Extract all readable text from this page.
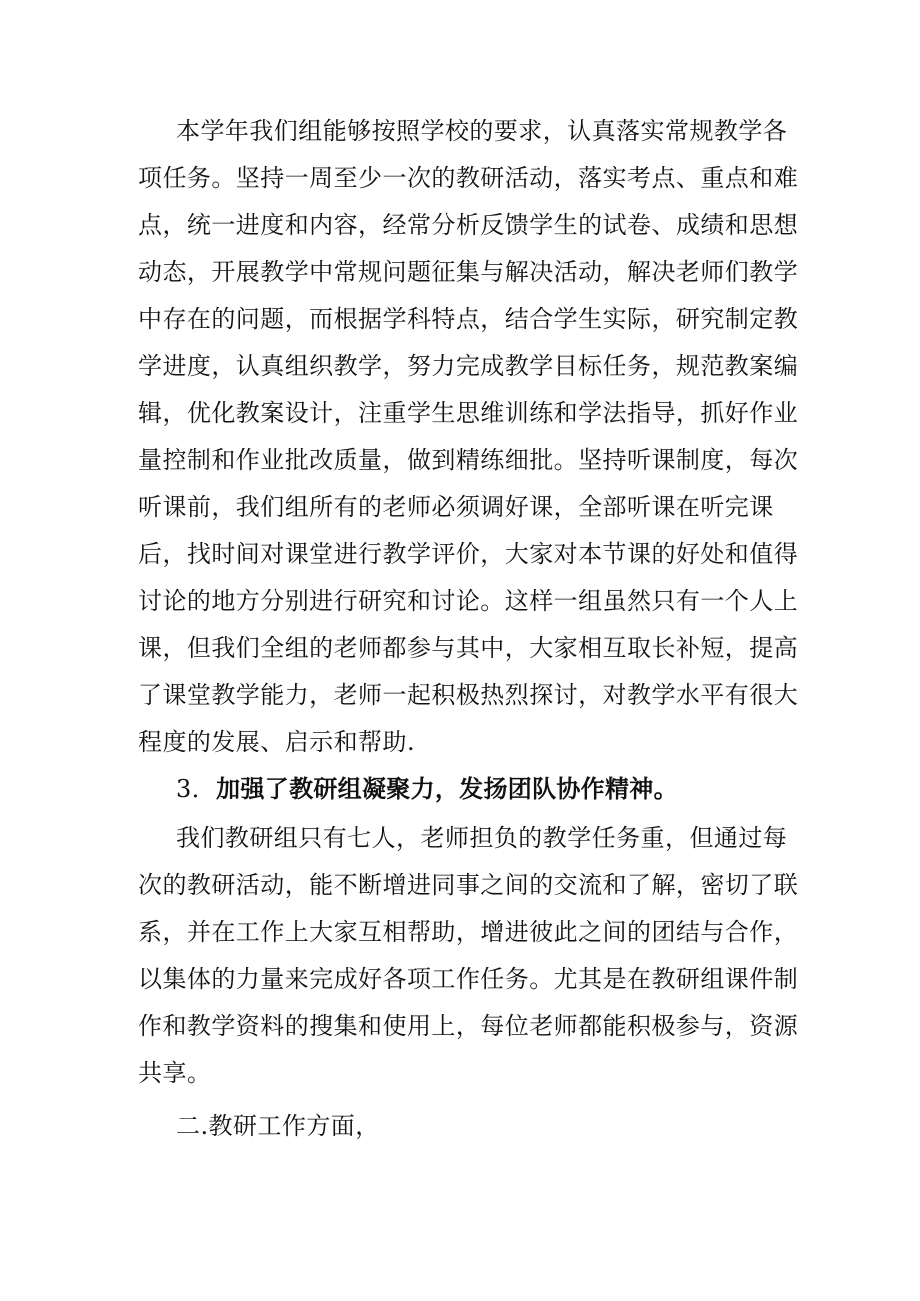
本学年我们组能够按照学校的要求，认真落实常规教学各
项任务。坚持一周至少一次的教研活动，落实考点、重点和难
点，统一进度和内容，经常分析反馈学生的试卷、成绩和思想
动态，开展教学中常规问题征集与解决活动，解决老师们教学
中存在的问题，而根据学科特点，结合学生实际，研究制定教
学进度，认真组织教学，努力完成教学目标任务，规范教案编
辑，优化教案设计，注重学生思维训练和学法指导，抓好作业
量控制和作业批改质量，做到精练细批。坚持听课制度，每次
听课前，我们组所有的老师必须调好课，全部听课在听完课
后，找时间对课堂进行教学评价，大家对本节课的好处和值得
讨论的地方分别进行研究和讨论。这样一组虽然只有一个人上
课，但我们全组的老师都参与其中，大家相互取长补短，提高
了课堂教学能力，老师一起积极热烈探讨，对教学水平有很大
程度的发展、启示和帮助.
3．加强了教研组凝聚力，发扬团队协作精神。
我们教研组只有七人，老师担负的教学任务重，但通过每
次的教研活动，能不断增进同事之间的交流和了解，密切了联
系，并在工作上大家互相帮助，增进彼此之间的团结与合作，
以集体的力量来完成好各项工作任务。尤其是在教研组课件制
作和教学资料的搜集和使用上，每位老师都能积极参与，资源
共享。
二.教研工作方面，
